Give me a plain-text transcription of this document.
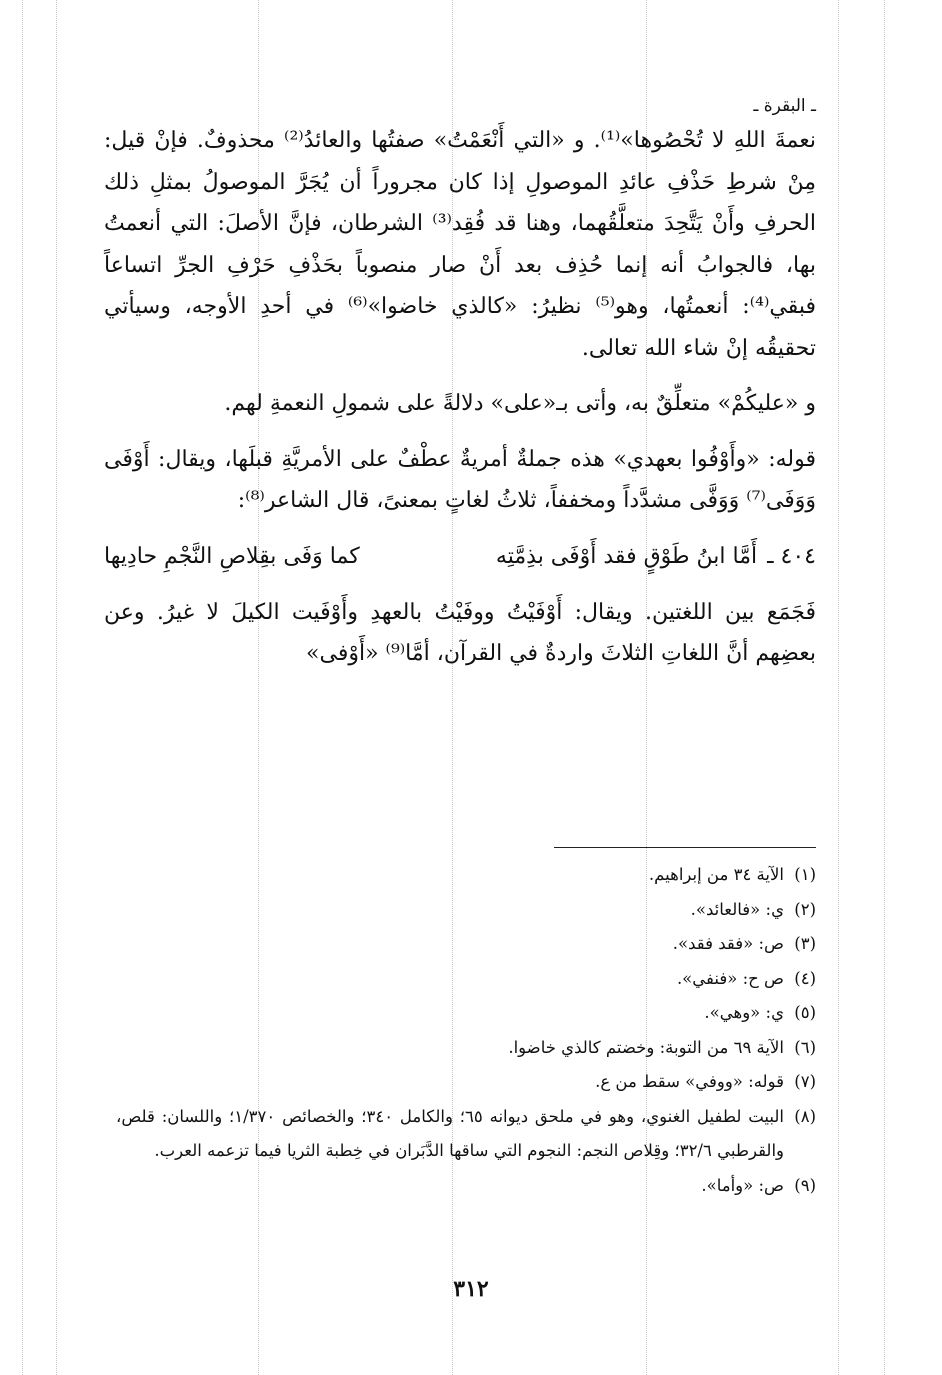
ـ البقرة ـ

نعمةَ اللهِ لا تُحْصُوها»⁽¹⁾. و «التي أَنْعَمْتُ» صفتُها والعائدُ⁽²⁾ محذوفٌ. فإنْ قيل: مِنْ شرطِ حَذْفِ عائدِ الموصولِ إذا كان مجروراً أن يُجَرَّ الموصولُ بمثلِ ذلك الحرفِ وأَنْ يَتَّحِدَ متعلَّقُهما، وهنا قد فُقِد⁽³⁾ الشرطان، فإنَّ الأصلَ: التي أنعمتُ بها، فالجوابُ أنه إنما حُذِف بعد أَنْ صار منصوباً بحَذْفِ حَرْفِ الجرِّ اتساعاً فبقي⁽⁴⁾: أنعمتُها، وهو⁽⁵⁾ نظيرُ: «كالذي خاضوا»⁽⁶⁾ في أحدِ الأوجه، وسيأتي تحقيقُه إنْ شاء الله تعالى.

و «عليكُمْ» متعلِّقٌ به، وأتى بـ«على» دلالةً على شمولِ النعمةِ لهم.

قوله: «وأَوْفُوا بعهدي» هذه جملةٌ أمريةٌ عطْفٌ على الأمريَّةِ قبلَها، ويقال: أَوْفَى وَوَفَى⁽⁷⁾ وَوَفَّى مشدَّداً ومخففاً، ثلاثُ لغاتٍ بمعنىً، قال الشاعر⁽⁸⁾:

٤٠٤ ـ
أَمَّا ابنُ طَوْقٍ فقد أَوْفَى بذِمَّتِه
كما وَفَى بقِلاصِ النَّجْمِ حادِيها

فَجَمَع بين اللغتين. ويقال: أَوْفَيْتُ ووفَيْتُ بالعهدِ وأَوْفَيت الكيلَ لا غيرُ. وعن بعضِهم أنَّ اللغاتِ الثلاثَ واردةٌ في القرآن، أمَّا⁽⁹⁾ «أَوْفى»

(١)
الآية ٣٤ من إبراهيم.
(٢)
ي: «فالعائد».
(٣)
ص: «فقد فقد».
(٤)
ص ح: «فنفي».
(٥)
ي: «وهي».
(٦)
الآية ٦٩ من التوبة: وخضتم كالذي خاضوا.
(٧)
قوله: «ووفي» سقط من ع.
(٨)
البيت لطفيل الغنوي، وهو في ملحق ديوانه ٦٥؛ والكامل ٣٤٠؛ والخصائص ١/٣٧٠؛ واللسان: قلص، والقرطبي ٣٢/٦؛ وقِلاص النجم: النجوم التي ساقها الدَّبَران في خِطبة الثريا فيما تزعمه العرب.
(٩)
ص: «وأما».
٣١٢
